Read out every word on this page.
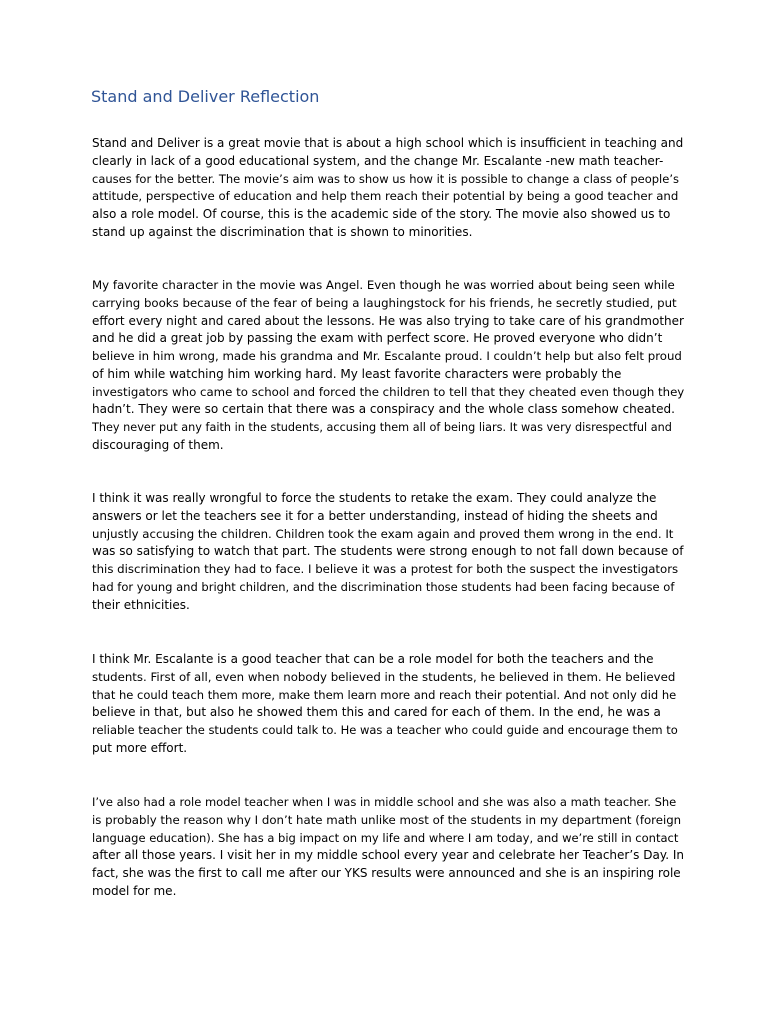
Stand and Deliver Reflection

Stand and Deliver is a great movie that is about a high school which is insufficient in teaching and
clearly in lack of a good educational system, and the change Mr. Escalante -new math teacher-
causes for the better. The movie’s aim was to show us how it is possible to change a class of people’s
attitude, perspective of education and help them reach their potential by being a good teacher and
also a role model. Of course, this is the academic side of the story. The movie also showed us to
stand up against the discrimination that is shown to minorities.

My favorite character in the movie was Angel. Even though he was worried about being seen while
carrying books because of the fear of being a laughingstock for his friends, he secretly studied, put
effort every night and cared about the lessons. He was also trying to take care of his grandmother
and he did a great job by passing the exam with perfect score. He proved everyone who didn’t
believe in him wrong, made his grandma and Mr. Escalante proud. I couldn’t help but also felt proud
of him while watching him working hard. My least favorite characters were probably the
investigators who came to school and forced the children to tell that they cheated even though they
hadn’t. They were so certain that there was a conspiracy and the whole class somehow cheated.
They never put any faith in the students, accusing them all of being liars. It was very disrespectful and
discouraging of them.

I think it was really wrongful to force the students to retake the exam. They could analyze the
answers or let the teachers see it for a better understanding, instead of hiding the sheets and
unjustly accusing the children. Children took the exam again and proved them wrong in the end. It
was so satisfying to watch that part. The students were strong enough to not fall down because of
this discrimination they had to face. I believe it was a protest for both the suspect the investigators
had for young and bright children, and the discrimination those students had been facing because of
their ethnicities.

I think Mr. Escalante is a good teacher that can be a role model for both the teachers and the
students. First of all, even when nobody believed in the students, he believed in them. He believed
that he could teach them more, make them learn more and reach their potential. And not only did he
believe in that, but also he showed them this and cared for each of them. In the end, he was a
reliable teacher the students could talk to. He was a teacher who could guide and encourage them to
put more effort.

I’ve also had a role model teacher when I was in middle school and she was also a math teacher. She
is probably the reason why I don’t hate math unlike most of the students in my department (foreign
language education). She has a big impact on my life and where I am today, and we’re still in contact
after all those years. I visit her in my middle school every year and celebrate her Teacher’s Day. In
fact, she was the first to call me after our YKS results were announced and she is an inspiring role
model for me.
